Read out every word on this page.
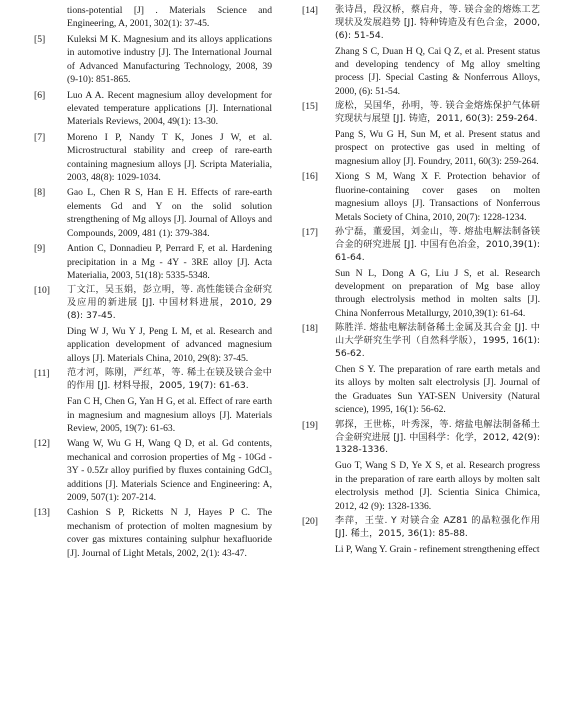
tions-potential [J] . Materials Science and Engineering, A, 2001, 302(1): 37-45.
[5] Kuleksi M K. Magnesium and its alloys applications in automotive industry [J]. The International Journal of Advanced Manufacturing Technology, 2008, 39 (9-10): 851-865.
[6] Luo A A. Recent magnesium alloy development for elevated temperature applications [J]. International Materials Reviews, 2004, 49(1): 13-30.
[7] Moreno I P, Nandy T K, Jones J W, et al. Microstructural stability and creep of rare-earth containing magnesium alloys [J]. Scripta Materialia, 2003, 48(8): 1029-1034.
[8] Gao L, Chen R S, Han E H. Effects of rare-earth elements Gd and Y on the solid solution strengthening of Mg alloys [J]. Journal of Alloys and Compounds, 2009, 481 (1): 379-384.
[9] Antion C, Donnadieu P, Perrard F, et al. Hardening precipitation in a Mg - 4Y - 3RE alloy [J]. Acta Materialia, 2003, 51(18): 5335-5348.
[10] 丁文江，吴玉娟，彭立明，等. 高性能镁合金研究及应用的新进展 [J]. 中国材料进展，2010, 29 (8): 37-45.
Ding W J, Wu Y J, Peng L M, et al. Research and application development of advanced magnesium alloys [J]. Materials China, 2010, 29(8): 37-45.
[11] 范才河，陈刚，严红革，等. 稀土在镁及镁合金中的作用 [J]. 材料导报，2005, 19(7): 61-63.
Fan C H, Chen G, Yan H G, et al. Effect of rare earth in magnesium and magnesium alloys [J]. Materials Review, 2005, 19(7): 61-63.
[12] Wang W, Wu G H, Wang Q D, et al. Gd contents, mechanical and corrosion properties of Mg - 10Gd - 3Y - 0.5Zr alloy purified by fluxes containing GdCl₃ additions [J]. Materials Science and Engineering: A, 2009, 507(1): 207-214.
[13] Cashion S P, Ricketts N J, Hayes P C. The mechanism of protection of molten magnesium by cover gas mixtures containing sulphur hexafluoride [J]. Journal of Light Metals, 2002, 2(1): 43-47.
[14] 张诗昌，段汉桥，蔡启舟，等. 镁合金的熔炼工艺现状及发展趋势 [J]. 特种铸造及有色合金，2000, (6): 51-54.
Zhang S C, Duan H Q, Cai Q Z, et al. Present status and developing tendency of Mg alloy smelting process [J]. Special Casting & Nonferrous Alloys, 2000, (6): 51-54.
[15] 庞松，吴国华，孙明，等. 镁合金熔炼保护气体研究现状与展望 [J]. 铸造，2011, 60(3): 259-264.
Pang S, Wu G H, Sun M, et al. Present status and prospect on protective gas used in melting of magnesium alloy [J]. Foundry, 2011, 60(3): 259-264.
[16] Xiong S M, Wang X F. Protection behavior of fluorine-containing cover gases on molten magnesium alloys [J]. Transactions of Nonferrous Metals Society of China, 2010, 20(7): 1228-1234.
[17] 孙宁磊，董爱国，刘金山，等. 熔盐电解法制备镁合金的研究进展 [J]. 中国有色冶金，2010,39(1): 61-64.
Sun N L, Dong A G, Liu J S, et al. Research development on preparation of Mg base alloy through electrolysis method in molten salts [J]. China Nonferrous Metallurgy, 2010,39(1): 61-64.
[18] 陈胜洋. 熔盐电解法制备稀土金属及其合金 [J]. 中山大学研究生学刊（自然科学版），1995, 16(1): 56-62.
Chen S Y. The preparation of rare earth metals and its alloys by molten salt electrolysis [J]. Journal of the Graduates Sun YAT-SEN University (Natural science), 1995, 16(1): 56-62.
[19] 郭探，王世栋，叶秀深，等. 熔盐电解法制备稀土合金研究进展 [J]. 中国科学：化学，2012, 42(9): 1328-1336.
Guo T, Wang S D, Ye X S, et al. Research progress in the preparation of rare earth alloys by molten salt electrolysis method [J]. Scientia Sinica Chimica, 2012, 42 (9): 1328-1336.
[20] 李萍，王莹. Y 对镁合金 AZ81 的晶粒强化作用 [J]. 稀土，2015, 36(1): 85-88.
Li P, Wang Y. Grain - refinement strengthening effect
